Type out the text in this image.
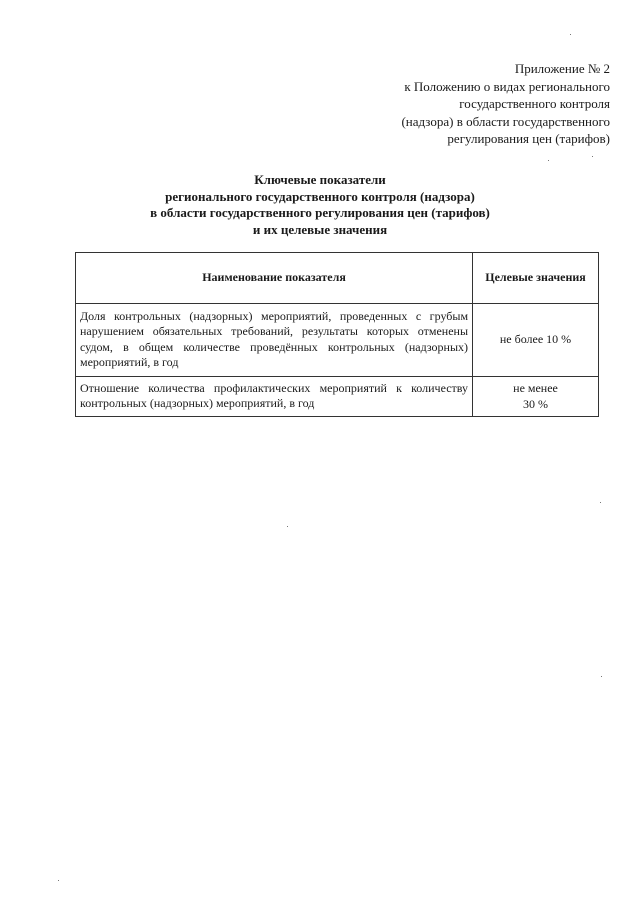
Приложение № 2
к Положению о видах регионального
государственного контроля
(надзора) в области государственного
регулирования цен (тарифов)
Ключевые показатели
регионального государственного контроля (надзора)
в области государственного регулирования цен (тарифов)
и их целевые значения
Наименование показателя	Целевые значения
Доля контрольных (надзорных) мероприятий, проведенных с грубым нарушением обязательных требований, результаты которых отменены судом, в общем количестве проведённых контрольных (надзорных) мероприятий, в год	не более 10 %

Отношение количества профилактических мероприятий к количеству контрольных (надзорных) мероприятий, в год	не менее
30 %
